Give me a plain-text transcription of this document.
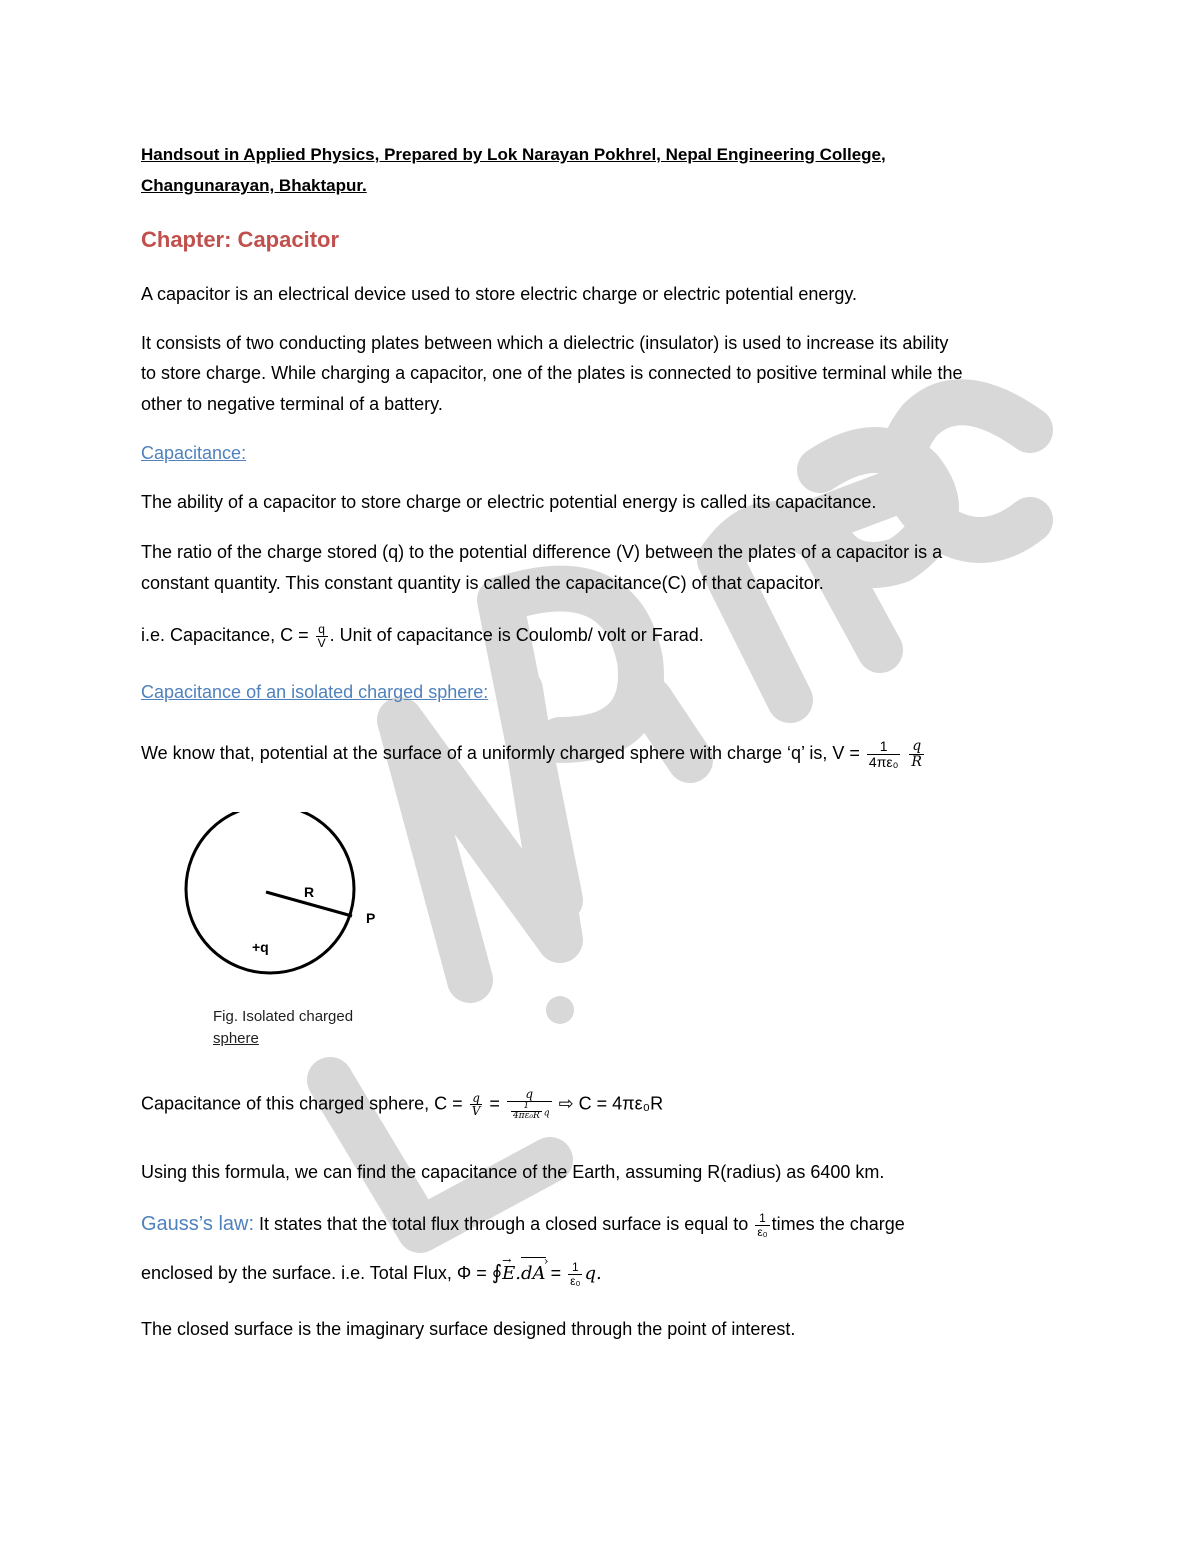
L.N.P , nec
Handsout in Applied Physics, Prepared by Lok Narayan Pokhrel, Nepal Engineering College,
Changunarayan, Bhaktapur.
Chapter: Capacitor
A capacitor is an electrical device used to store electric charge or electric potential energy.
It consists of two conducting plates between which a dielectric (insulator) is used to increase its ability
to store charge. While charging a capacitor, one of the plates is connected to positive terminal while the
other to negative terminal of a battery.
Capacitance:
The ability of a capacitor to store charge or electric potential energy is called its capacitance.
The ratio of the charge stored (q) to the potential difference (V) between the plates of a capacitor is a
constant quantity. This constant quantity is called the capacitance(C) of that capacitor.
i.e. Capacitance, $C = \frac{q}{V}$ . Unit of capacitance is Coulomb/ volt or Farad.
Capacitance of an isolated charged sphere:
We know that, potential at the surface of a uniformly charged sphere with charge ‘q’ is, $V = \frac{1}{\text{4πε₀}}$
$\frac{q}{R}$
R
P
+q
Fig. Isolated charged
sphere
Capacitance of this charged sphere, $C = \frac{q}{V} = \frac{q}{\frac{1}{\text{4πε₀R}} q}$ ⇨ C = 4πε₀R
Using this formula, we can find the capacitance of the Earth, assuming R(radius) as 6400 km.
Gauss’s law: It states that the total flux through a closed surface is equal to $\frac{1}{\text{ε₀}}$ times the charge
enclosed by the surface. i.e. Total Flux, Φ = ∮→ E.dA › = $\frac{1}{\text{ε₀}} q$.
The closed surface is the imaginary surface designed through the point of interest.
